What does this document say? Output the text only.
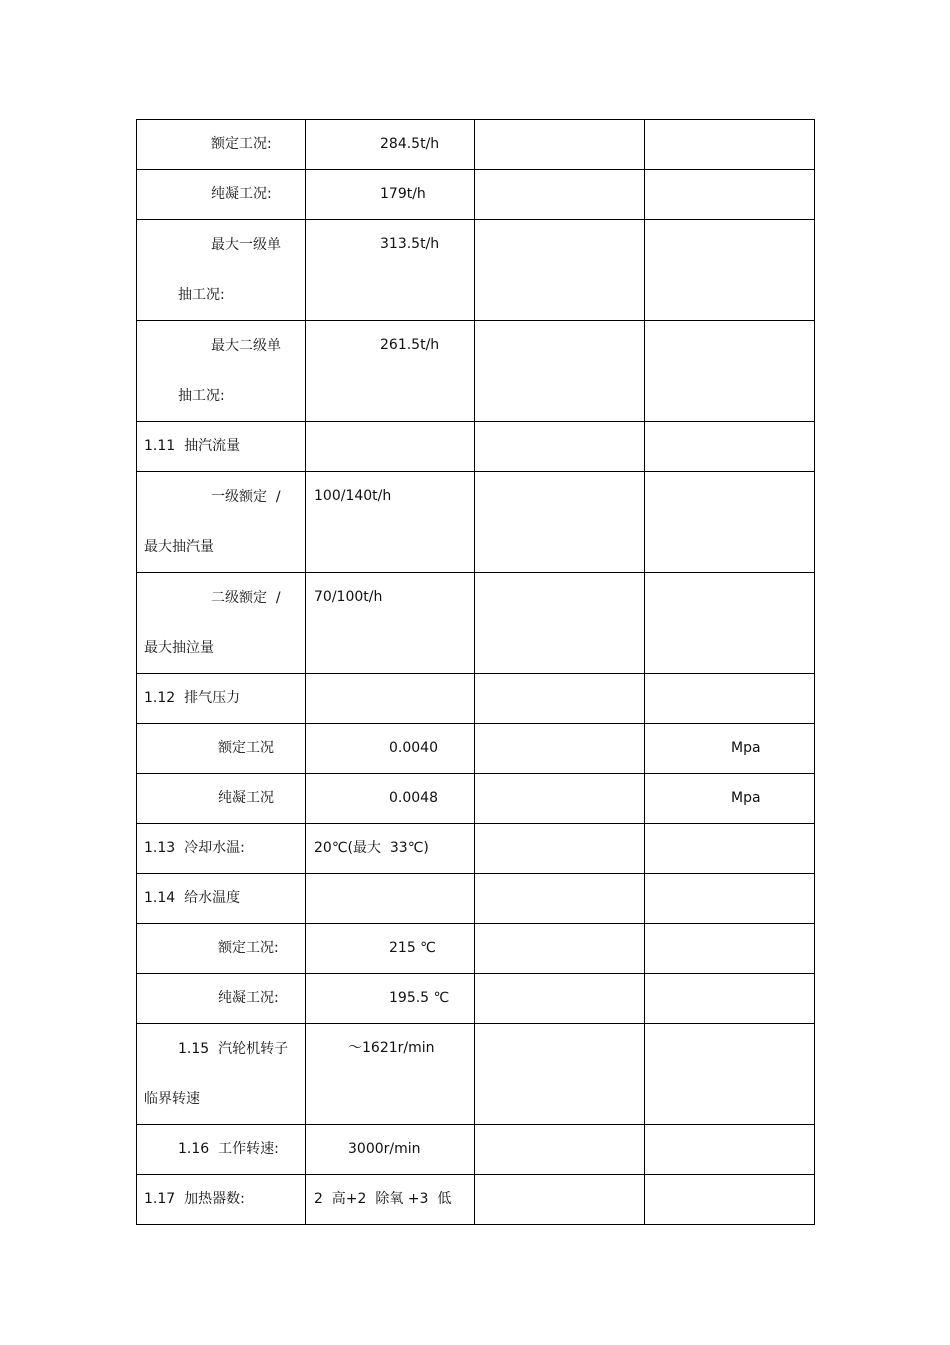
额定工况:	284.5t/h		

纯凝工况:	179t/h		

最大一级单
抽工况:	313.5t/h		

最大二级单
抽工况:	261.5t/h		

1.11  抽汽流量			

一级额定  /
最大抽汽量	100/140t/h		

二级额定  /
最大抽泣量	70/100t/h		

1.12  排气压力			

额定工况	0.0040		Mpa

纯凝工况	0.0048		Mpa

1.13  冷却水温:	20℃(最大  33℃)		

1.14  给水温度			

额定工况:	215 ℃		

纯凝工况:	195.5 ℃		

1.15  汽轮机转子
临界转速	～1621r/min		

1.16  工作转速:	3000r/min		

1.17  加热器数:	2  高+2  除氧 +3  低		
